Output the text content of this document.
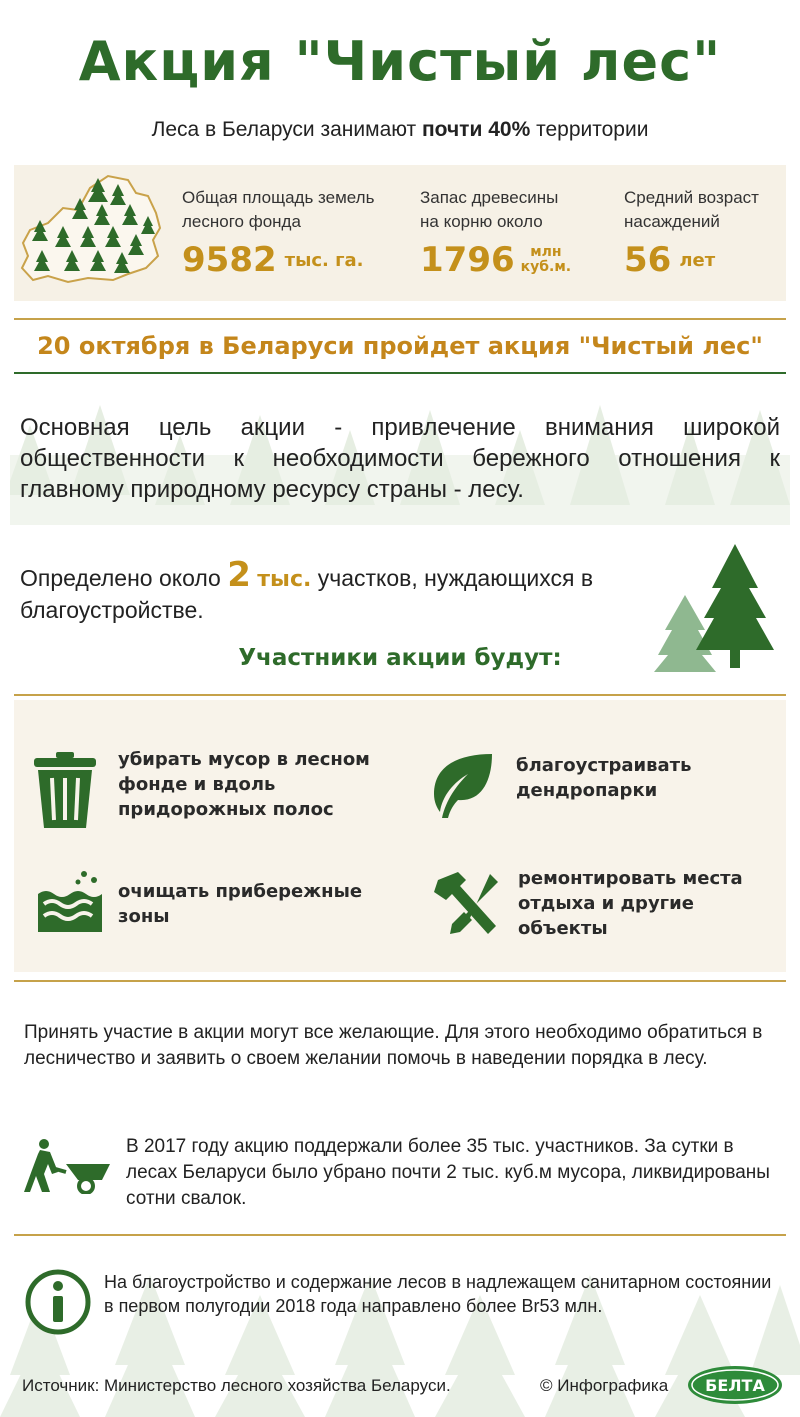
Акция "Чистый лес"
Леса в Беларуси занимают почти 40% территории
Общая площадь земель
лесного фонда
9582 тыс. га.
Запас древесины
на корню около
1796 млн
куб.м.
Средний возраст
насаждений
56 лет
20 октября в Беларуси пройдет акция "Чистый лес"
Основная цель акции - привлечение внимания широкой общественности к необходимости бережного отношения к главному природному ресурсу страны - лесу.
Определено около 2 тыс. участков, нуждающихся в благоустройстве.
Участники акции будут:
убирать мусор в лесном
фонде и вдоль
придорожных полос
благоустраивать
дендропарки
очищать прибережные
зоны
ремонтировать места
отдыха и другие
объекты
Принять участие в акции могут все желающие. Для этого необходимо обратиться в лесничество и заявить о своем желании помочь в наведении порядка в лесу.
В 2017 году акцию поддержали более 35 тыс. участников. За сутки в лесах Беларуси было убрано почти 2 тыс. куб.м мусора, ликвидированы сотни свалок.
На благоустройство и содержание лесов в надлежащем санитарном состоянии в первом полугодии 2018 года направлено более Br53 млн.
Источник: Министерство лесного хозяйства Беларуси.	© Инфографика БЕЛТА
